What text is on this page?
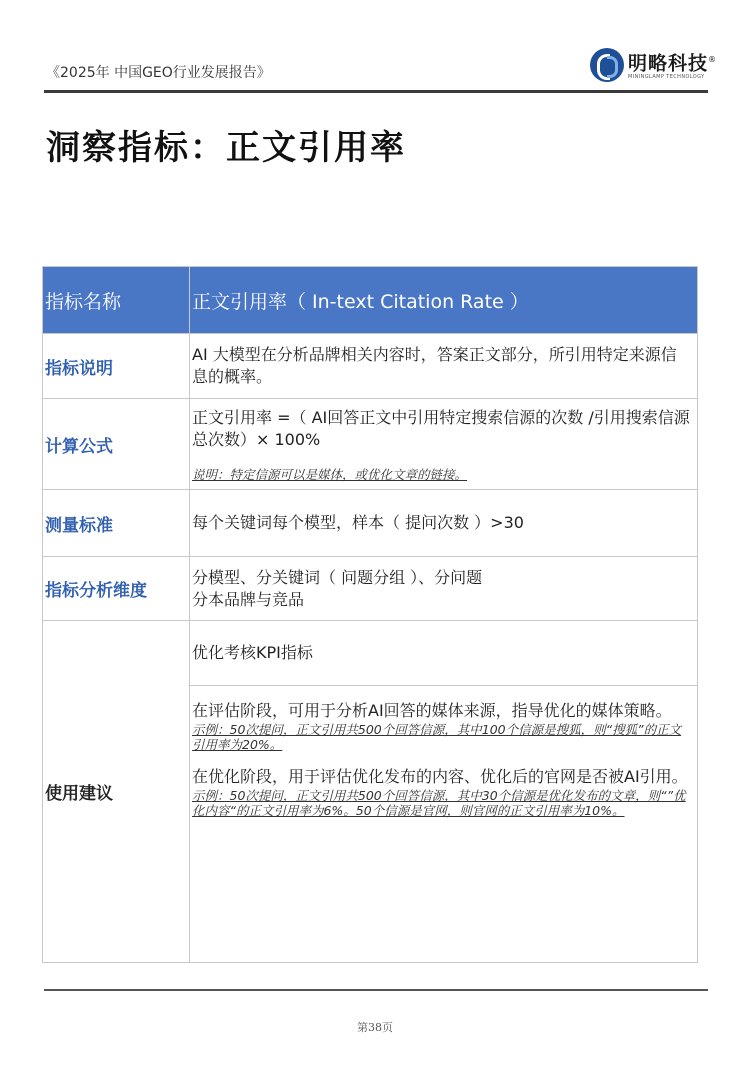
《2025年 中国GEO行业发展报告》	明略科技®
MININGLAMP TECHNOLOGY
洞察指标：正文引用率
指标名称	正文引用率（ In-text Citation Rate ）
指标说明	AI 大模型在分析品牌相关内容时，答案正文部分，所引用特定来源信息的概率。
计算公式	正文引用率 =（ AI回答正文中引用特定搜索信源的次数 /引用搜索信源总次数）× 100%
说明：特定信源可以是媒体，或优化文章的链接。

测量标准	每个关键词每个模型，样本（ 提问次数 ）>30
指标分析维度	分模型、分关键词（ 问题分组 ）、分问题
分本品牌与竞品

使用建议	优化考核KPI指标

	在评估阶段，可用于分析AI回答的媒体来源，指导优化的媒体策略。
示例：50次提问，正文引用共500个回答信源，其中100个信源是搜狐，则“搜狐”的正文引用率为20%。
在优化阶段，用于评估优化发布的内容、优化后的官网是否被AI引用。
示例：50次提问，正文引用共500个回答信源，其中30个信源是优化发布的文章，则“”优化内容“的正文引用率为6%。50个信源是官网，则官网的正文引用率为10%。
第38页
